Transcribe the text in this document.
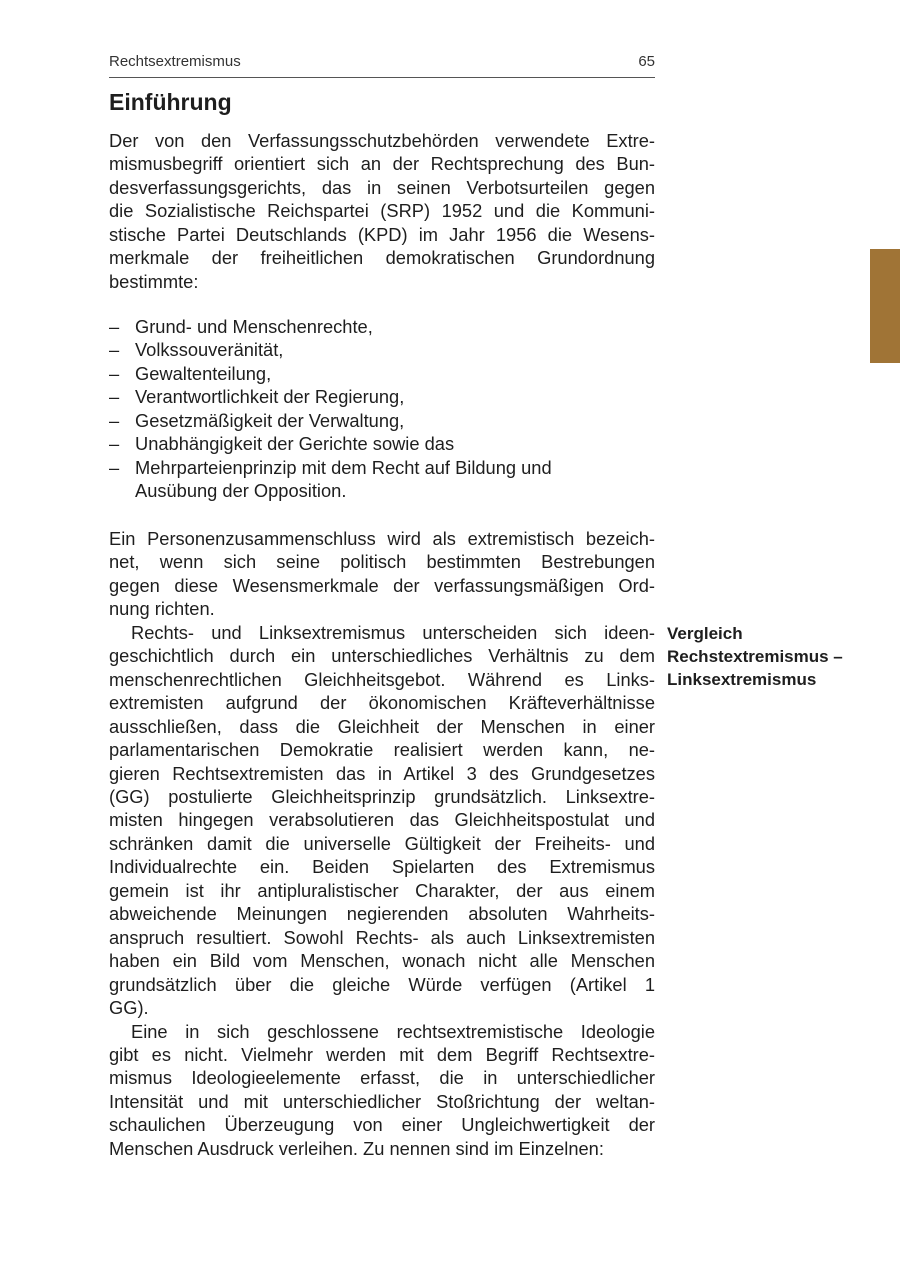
Rechtsextremismus	65
Einführung
Der von den Verfassungsschutzbehörden verwendete Extre-
mismusbegriff orientiert sich an der Rechtsprechung des Bun-
desverfassungsgerichts, das in seinen Verbotsurteilen gegen
die Sozialistische Reichspartei (SRP) 1952 und die Kommuni-
stische Partei Deutschlands (KPD) im Jahr 1956 die Wesens-
merkmale der freiheitlichen demokratischen Grundordnung
bestimmte:
– Grund- und Menschenrechte,
– Volkssouveränität,
– Gewaltenteilung,
– Verantwortlichkeit der Regierung,
– Gesetzmäßigkeit der Verwaltung,
– Unabhängigkeit der Gerichte sowie das
– Mehrparteienprinzip mit dem Recht auf Bildung und
Ausübung der Opposition.
Ein Personenzusammenschluss wird als extremistisch bezeich-
net, wenn sich seine politisch bestimmten Bestrebungen
gegen diese Wesensmerkmale der verfassungsmäßigen Ord-
nung richten.
Rechts- und Linksextremismus unterscheiden sich ideen-
geschichtlich durch ein unterschiedliches Verhältnis zu dem
menschenrechtlichen Gleichheitsgebot. Während es Links-
extremisten aufgrund der ökonomischen Kräfteverhältnisse
ausschließen, dass die Gleichheit der Menschen in einer
parlamentarischen Demokratie realisiert werden kann, ne-
gieren Rechtsextremisten das in Artikel 3 des Grundgesetzes
(GG) postulierte Gleichheitsprinzip grundsätzlich. Linksextre-
misten hingegen verabsolutieren das Gleichheitspostulat und
schränken damit die universelle Gültigkeit der Freiheits- und
Individualrechte ein. Beiden Spielarten des Extremismus
gemein ist ihr antipluralistischer Charakter, der aus einem
abweichende Meinungen negierenden absoluten Wahrheits-
anspruch resultiert. Sowohl Rechts- als auch Linksextremisten
haben ein Bild vom Menschen, wonach nicht alle Menschen
grundsätzlich über die gleiche Würde verfügen (Artikel 1
GG).
Eine in sich geschlossene rechtsextremistische Ideologie
gibt es nicht. Vielmehr werden mit dem Begriff Rechtsextre-
mismus Ideologieelemente erfasst, die in unterschiedlicher
Intensität und mit unterschiedlicher Stoßrichtung der weltan-
schaulichen Überzeugung von einer Ungleichwertigkeit der
Menschen Ausdruck verleihen. Zu nennen sind im Einzelnen:
Vergleich
Rechstextremismus –
Linksextremismus
